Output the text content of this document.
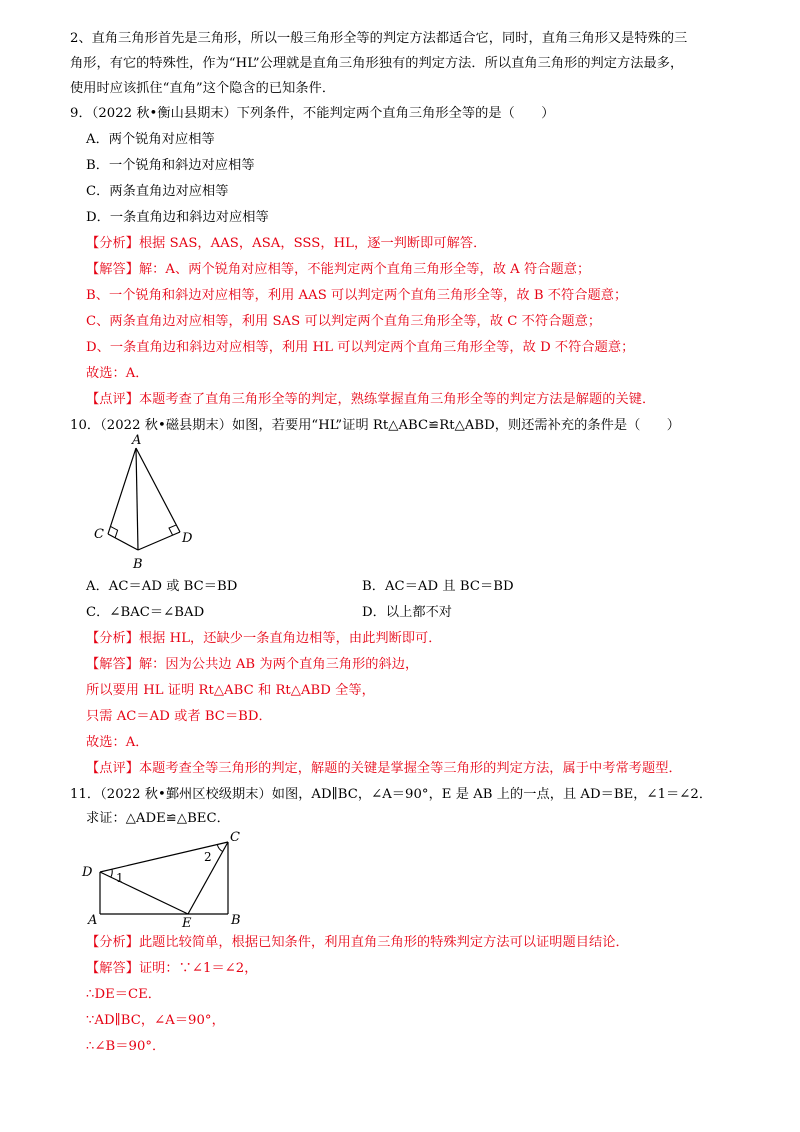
2、直角三角形首先是三角形，所以一般三角形全等的判定方法都适合它，同时，直角三角形又是特殊的三
角形，有它的特殊性，作为“HL”公理就是直角三角形独有的判定方法．所以直角三角形的判定方法最多，
使用时应该抓住“直角”这个隐含的已知条件．
9．（2022 秋•衡山县期末）下列条件，不能判定两个直角三角形全等的是（　　）
A．两个锐角对应相等
B．一个锐角和斜边对应相等
C．两条直角边对应相等
D．一条直角边和斜边对应相等
【分析】根据 SAS，AAS，ASA，SSS，HL，逐一判断即可解答．
【解答】解：A、两个锐角对应相等，不能判定两个直角三角形全等，故 A 符合题意；
B、一个锐角和斜边对应相等，利用 AAS 可以判定两个直角三角形全等，故 B 不符合题意；
C、两条直角边对应相等，利用 SAS 可以判定两个直角三角形全等，故 C 不符合题意；
D、一条直角边和斜边对应相等，利用 HL 可以判定两个直角三角形全等，故 D 不符合题意；
故选：A．
【点评】本题考查了直角三角形全等的判定，熟练掌握直角三角形全等的判定方法是解题的关键．
10．（2022 秋•磁县期末）如图，若要用“HL”证明 Rt△ABC≌Rt△ABD，则还需补充的条件是（　　）
A
B
C	D
A．AC＝AD 或 BC＝BD	B．AC＝AD 且 BC＝BD
C．∠BAC＝∠BAD	D．以上都不对
【分析】根据 HL，还缺少一条直角边相等，由此判断即可．
【解答】解：因为公共边 AB 为两个直角三角形的斜边，
所以要用 HL 证明 Rt△ABC 和 Rt△ABD 全等，
只需 AC＝AD 或者 BC＝BD．
故选：A．
【点评】本题考查全等三角形的判定，解题的关键是掌握全等三角形的判定方法，属于中考常考题型．
11．（2022 秋•鄞州区校级期末）如图，AD∥BC，∠A＝90°，E 是 AB 上的一点，且 AD＝BE，∠1＝∠2．
求证：△ADE≌△BEC．
D
A	E	B
C
1
2
【分析】此题比较简单，根据已知条件，利用直角三角形的特殊判定方法可以证明题目结论．
【解答】证明：∵∠1＝∠2，
∴DE＝CE．
∵AD∥BC，∠A＝90°，
∴∠B＝90°．
